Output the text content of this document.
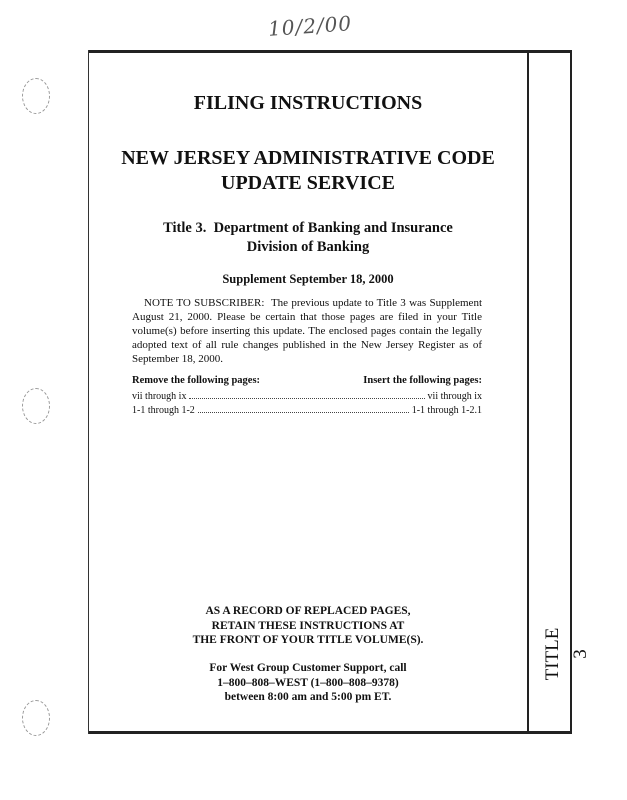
10/2/00
TITLE 3
FILING INSTRUCTIONS
NEW JERSEY ADMINISTRATIVE CODE
UPDATE SERVICE
Title 3.  Department of Banking and Insurance
Division of Banking
Supplement September 18, 2000
NOTE TO SUBSCRIBER: The previous update to Title 3 was Supplement August 21, 2000. Please be certain that those pages are filed in your Title volume(s) before inserting this update. The enclosed pages contain the legally adopted text of all rule changes published in the New Jersey Register as of September 18, 2000.
Remove the following pages:	Insert the following pages:
vii through ix	vii through ix
1-1 through 1-2	1-1 through 1-2.1
AS A RECORD OF REPLACED PAGES,
RETAIN THESE INSTRUCTIONS AT
THE FRONT OF YOUR TITLE VOLUME(S).
For West Group Customer Support, call
1–800–808–WEST (1–800–808–9378)
between 8:00 am and 5:00 pm ET.
